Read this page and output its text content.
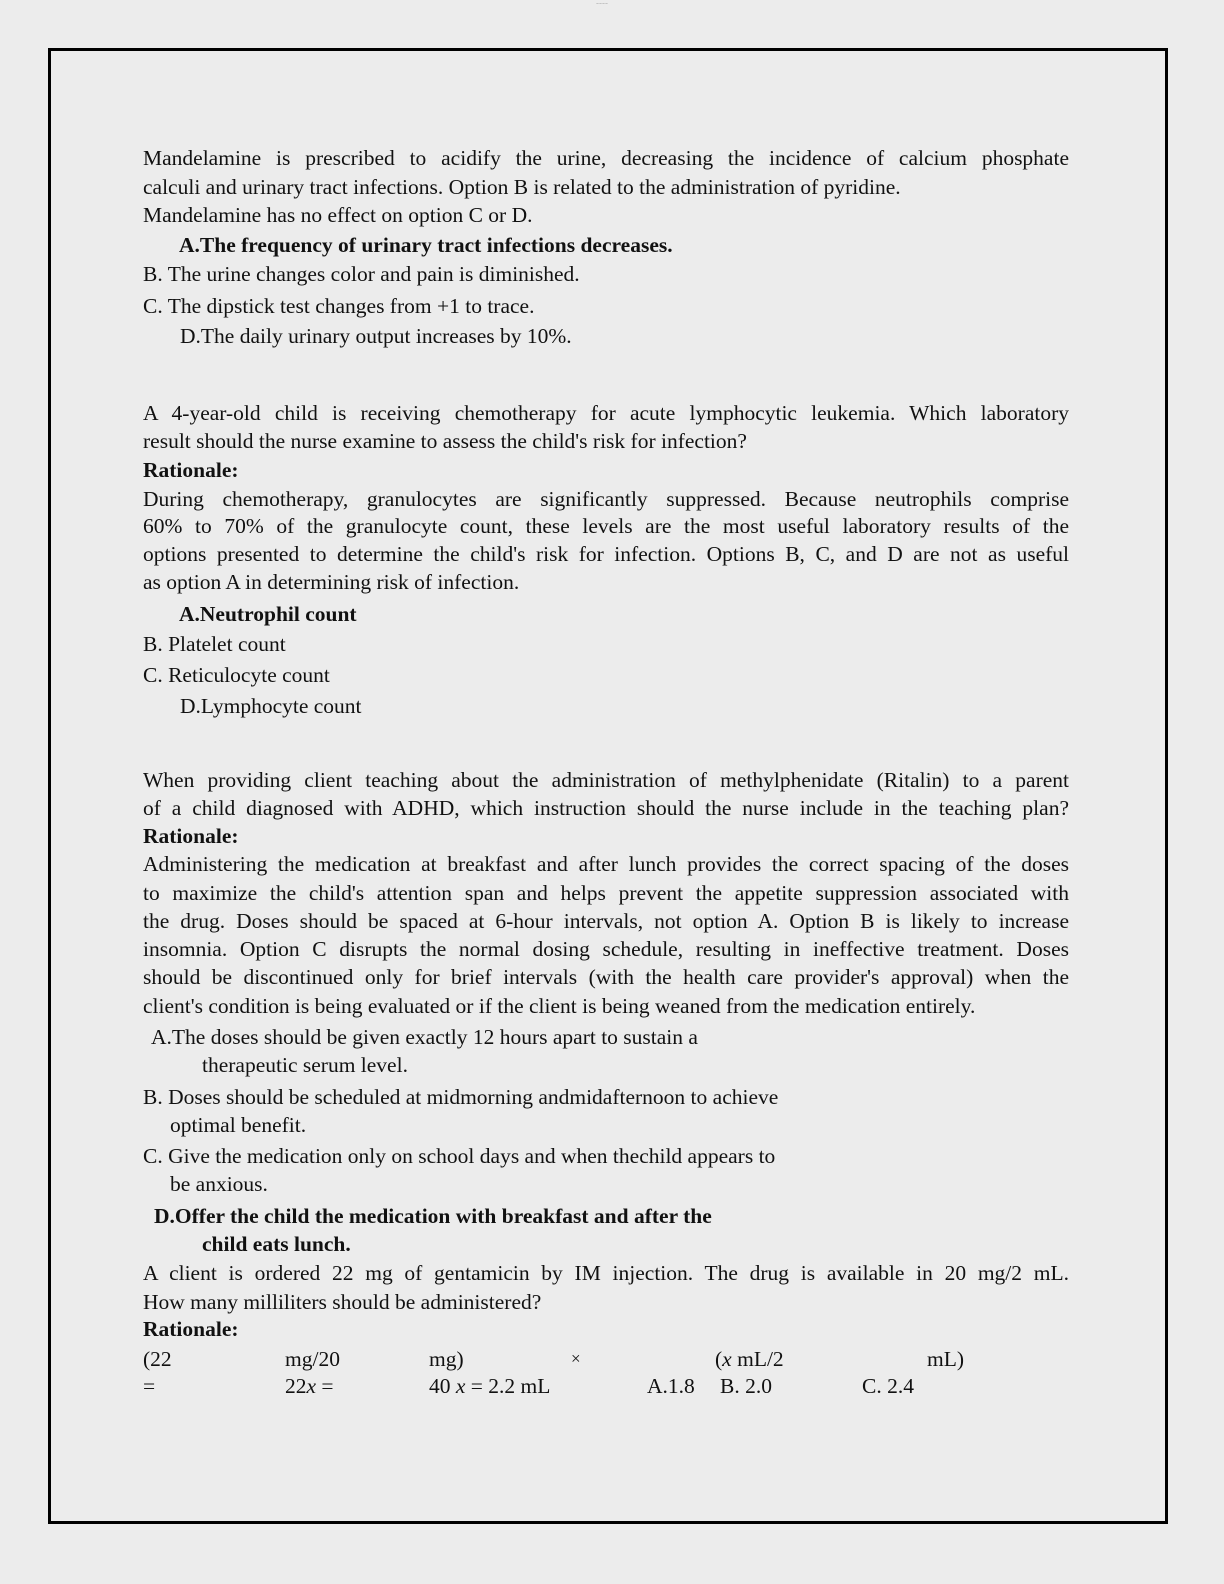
................
Mandelamine is prescribed to acidify the urine, decreasing the incidence of calcium phosphate
calculi and urinary tract infections. Option B is related to the administration of pyridine.
Mandelamine has no effect on option C or D.
A.The frequency of urinary tract infections decreases.
B. The urine changes color and pain is diminished.
C. The dipstick test changes from +1 to trace.
D.The daily urinary output increases by 10%.
A 4-year-old child is receiving chemotherapy for acute lymphocytic leukemia. Which laboratory
result should the nurse examine to assess the child's risk for infection?
Rationale:
During chemotherapy, granulocytes are significantly suppressed. Because neutrophils comprise
60% to 70% of the granulocyte count, these levels are the most useful laboratory results of the
options presented to determine the child's risk for infection. Options B, C, and D are not as useful
as option A in determining risk of infection.
A.Neutrophil count
B. Platelet count
C. Reticulocyte count
D.Lymphocyte count
When providing client teaching about the administration of methylphenidate (Ritalin) to a parent
of a child diagnosed with ADHD, which instruction should the nurse include in the teaching plan?
Rationale:
Administering the medication at breakfast and after lunch provides the correct spacing of the doses
to maximize the child's attention span and helps prevent the appetite suppression associated with
the drug. Doses should be spaced at 6-hour intervals, not option A. Option B is likely to increase
insomnia. Option C disrupts the normal dosing schedule, resulting in ineffective treatment. Doses
should be discontinued only for brief intervals (with the health care provider's approval) when the
client's condition is being evaluated or if the client is being weaned from the medication entirely.
A.The doses should be given exactly 12 hours apart to sustain a
therapeutic serum level.
B. Doses should be scheduled at midmorning andmidafternoon to achieve
optimal benefit.
C. Give the medication only on school days and when thechild appears to
be anxious.
D.Offer the child the medication with breakfast and after the
child eats lunch.
A client is ordered 22 mg of gentamicin by IM injection. The drug is available in 20 mg/2 mL.
How many milliliters should be administered?
Rationale:
(22	mg/20	mg)	×	(x mL/2	mL)
=	22x =	40 x = 2.2 mL	A.1.8 B. 2.0	C. 2.4
